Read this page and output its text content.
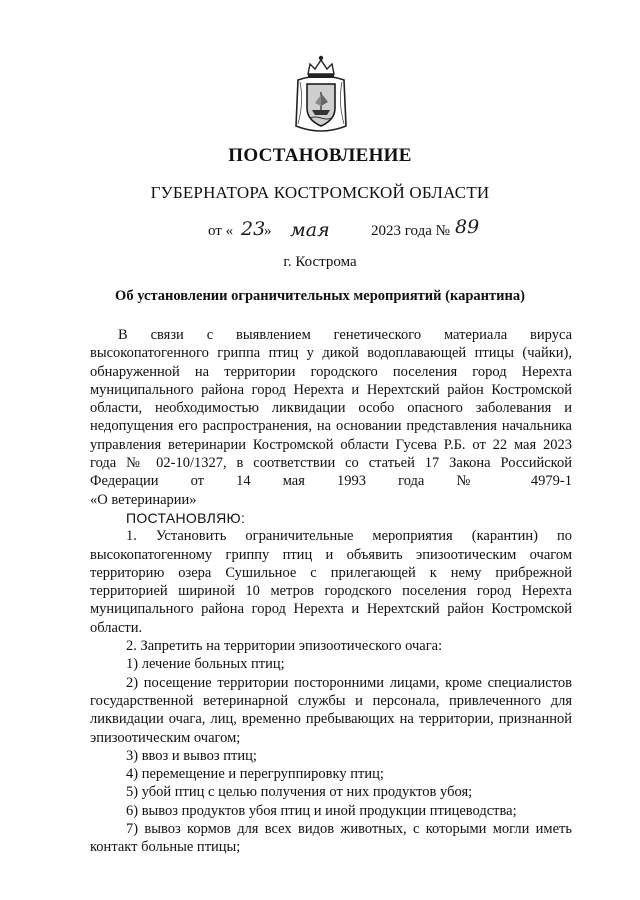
ПОСТАНОВЛЕНИЕ
ГУБЕРНАТОРА КОСТРОМСКОЙ ОБЛАСТИ
от « 23
» мая	2023 года № 89
г. Кострома
Об установлении ограничительных мероприятий (карантина)

В связи с выявлением генетического материала вируса высокопатогенного гриппа птиц у дикой водоплавающей птицы (чайки), обнаруженной на территории городского поселения город Нерехта муниципального района город Нерехта и Нерехтский район Костромской области, необходимостью ликвидации особо опасного заболевания и недопущения его распространения, на основании представления начальника управления ветеринарии Костромской области Гусева Р.Б. от 22 мая 2023 года № 02-10/1327, в соответствии со статьей 17 Закона Российской Федерации от 14 мая 1993 года № 4979-1

«О ветеринарии»

ПОСТАНОВЛЯЮ:

1. Установить ограничительные мероприятия (карантин) по высокопатогенному гриппу птиц и объявить эпизоотическим очагом территорию озера Сушильное с прилегающей к нему прибрежной территорией шириной 10 метров городского поселения город Нерехта муниципального района город Нерехта и Нерехтский район Костромской области.

2. Запретить на территории эпизоотического очага:

1) лечение больных птиц;

2) посещение территории посторонними лицами, кроме специалистов государственной ветеринарной службы и персонала, привлеченного для ликвидации очага, лиц, временно пребывающих на территории, признанной эпизоотическим очагом;

3) ввоз и вывоз птиц;

4) перемещение и перегруппировку птиц;

5) убой птиц с целью получения от них продуктов убоя;

6) вывоз продуктов убоя птиц и иной продукции птицеводства;

7) вывоз кормов для всех видов животных, с которыми могли иметь контакт больные птицы;
